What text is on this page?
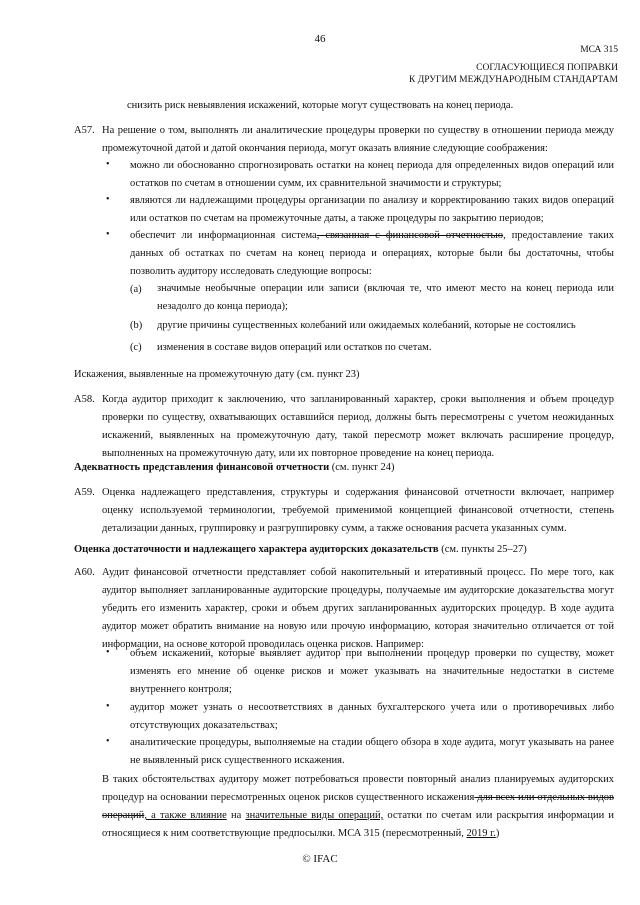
46
МСА 315
СОГЛАСУЮЩИЕСЯ ПОПРАВКИ
К ДРУГИМ МЕЖДУНАРОДНЫМ СТАНДАРТАМ

снизить риск невыявления искажений, которые могут существовать на конец периода.

A57. На решение о том, выполнять ли аналитические процедуры проверки по существу в отношении периода между промежуточной датой и датой окончания периода, могут оказать влияние следующие соображения:

• можно ли обоснованно спрогнозировать остатки на конец периода для определенных видов операций или остатков по счетам в отношении сумм, их сравнительной значимости и структуры;

• являются ли надлежащими процедуры организации по анализу и корректированию таких видов операций или остатков по счетам на промежуточные даты, а также процедуры по закрытию периодов;

• обеспечит ли информационная система, связанная с финансовой отчетностью, предоставление таких данных об остатках по счетам на конец периода и операциях, которые были бы достаточны, чтобы позволить аудитору исследовать следующие вопросы:

(a) значимые необычные операции или записи (включая те, что имеют место на конец периода или незадолго до конца периода);

(b) другие причины существенных колебаний или ожидаемых колебаний, которые не состоялись

(c) изменения в составе видов операций или остатков по счетам.

Искажения, выявленные на промежуточную дату (см. пункт 23)

A58. Когда аудитор приходит к заключению, что запланированный характер, сроки выполнения и объем процедур проверки по существу, охватывающих оставшийся период, должны быть пересмотрены с учетом неожиданных искажений, выявленных на промежуточную дату, такой пересмотр может включать расширение процедур, выполненных на промежуточную дату, или их повторное проведение на конец периода.

Адекватность представления финансовой отчетности (см. пункт 24)

A59. Оценка надлежащего представления, структуры и содержания финансовой отчетности включает, например оценку используемой терминологии, требуемой применимой концепцией финансовой отчетности, степень детализации данных, группировку и разгруппировку сумм, а также основания расчета указанных сумм.

Оценка достаточности и надлежащего характера аудиторских доказательств (см. пункты 25–27)

A60. Аудит финансовой отчетности представляет собой накопительный и итеративный процесс. По мере того, как аудитор выполняет запланированные аудиторские процедуры, получаемые им аудиторские доказательства могут убедить его изменить характер, сроки и объем других запланированных аудиторских процедур. В ходе аудита аудитор может обратить внимание на новую или прочую информацию, которая значительно отличается от той информации, на основе которой проводилась оценка рисков. Например:

• объем искажений, которые выявляет аудитор при выполнении процедур проверки по существу, может изменять его мнение об оценке рисков и может указывать на значительные недостатки в системе внутреннего контроля;

• аудитор может узнать о несоответствиях в данных бухгалтерского учета или о противоречивых либо отсутствующих доказательствах;

• аналитические процедуры, выполняемые на стадии общего обзора в ходе аудита, могут указывать на ранее не выявленный риск существенного искажения.

В таких обстоятельствах аудитору может потребоваться провести повторный анализ планируемых аудиторских процедур на основании пересмотренных оценок рисков существенного искажения для всех или отдельных видов операций, а также влияние на значительные виды операций, остатки по счетам или раскрытия информации и относящиеся к ним соответствующие предпосылки. МСА 315 (пересмотренный, 2019 г.)

© IFAC
